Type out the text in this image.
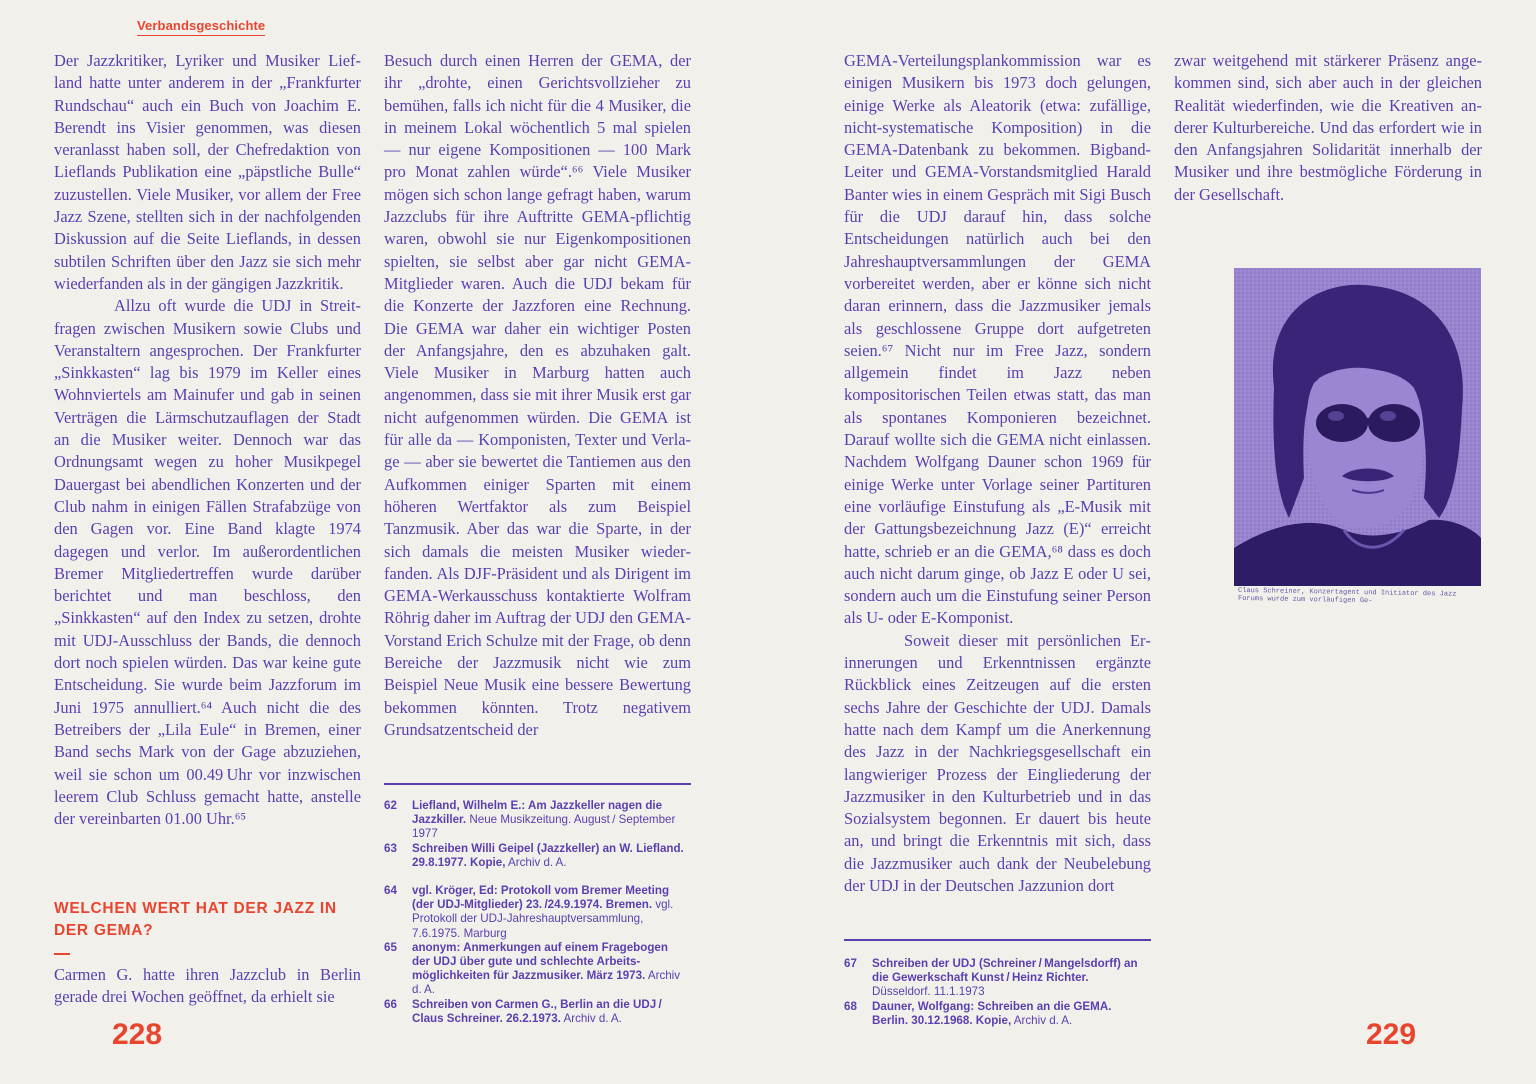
Verbandsgeschichte

Der Jazzkritiker, Lyriker und Musiker Liefland hatte unter anderem in der „Frankfurter Rundschau“ auch ein Buch von Joachim E. Berendt ins Visier genommen, was diesen veranlasst haben soll, der Chefredaktion von Lieflands Publikation eine „päpstliche Bulle“ zuzustellen. Viele Musiker, vor allem der Free Jazz Szene, stellten sich in der nachfolgenden Diskussion auf die Seite Lieflands, in dessen subtilen Schriften über den Jazz sie sich mehr wiederfanden als in der gängigen Jazzkritik.

Allzu oft wurde die UDJ in Streitfragen zwischen Musikern sowie Clubs und Veranstaltern angesprochen. Der Frankfurter „Sinkkasten“ lag bis 1979 im Keller eines Wohnviertels am Mainufer und gab in seinen Verträgen die Lärmschutzauflagen der Stadt an die Musiker weiter. Dennoch war das Ordnungsamt wegen zu hoher Musikpegel Dauergast bei abendlichen Konzerten und der Club nahm in einigen Fällen Strafabzüge von den Gagen vor. Eine Band klagte 1974 dagegen und verlor. Im außerordentlichen Bremer Mitgliedertreffen wurde darüber berichtet und man beschloss, den „Sinkkasten“ auf den Index zu setzen, drohte mit UDJ-Ausschluss der Bands, die dennoch dort noch spielen würden. Das war keine gute Entscheidung. Sie wurde beim Jazzforum im Juni 1975 annulliert.⁶⁴ Auch nicht die des Betreibers der „Lila Eule“ in Bremen, einer Band sechs Mark von der Gage abzuziehen, weil sie schon um 00.49 Uhr vor inzwischen leerem Club Schluss gemacht hatte, anstelle der vereinbarten 01.00 Uhr.⁶⁵

WELCHEN WERT HAT DER JAZZ IN DER GEMA?

Carmen G. hatte ihren Jazzclub in Berlin gerade drei Wochen geöffnet, da erhielt sie

Besuch durch einen Herren der GEMA, der ihr „drohte, einen Gerichtsvollzieher zu bemühen, falls ich nicht für die 4 Musiker, die in meinem Lokal wöchentlich 5 mal spielen — nur eigene Kompositionen — 100 Mark pro Monat zahlen würde“.⁶⁶ Viele Musiker mögen sich schon lange gefragt haben, warum Jazzclubs für ihre Auftritte GEMA-pflichtig waren, obwohl sie nur Eigenkompositionen spielten, sie selbst aber gar nicht GEMA-Mitglieder waren. Auch die UDJ bekam für die Konzerte der Jazzforen eine Rechnung. Die GEMA war daher ein wichtiger Posten der Anfangsjahre, den es abzuhaken galt. Viele Musiker in Marburg hatten auch angenommen, dass sie mit ihrer Musik erst gar nicht aufgenommen würden. Die GEMA ist für alle da — Komponisten, Texter und Verlage — aber sie bewertet die Tantiemen aus den Aufkommen einiger Sparten mit einem höheren Wertfaktor als zum Beispiel Tanzmusik. Aber das war die Sparte, in der sich damals die meisten Musiker wiederfanden. Als DJF-Präsident und als Dirigent im GEMA-Werkausschuss kontaktierte Wolfram Röhrig daher im Auftrag der UDJ den GEMA-Vorstand Erich Schulze mit der Frage, ob denn Bereiche der Jazzmusik nicht wie zum Beispiel Neue Musik eine bessere Bewertung bekommen könnten. Trotz negativem Grundsatzentscheid der

62	Liefland, Wilhelm E.: Am Jazzkeller nagen die Jazzkiller. Neue Musikzeitung. August / September 1977
63	Schreiben Willi Geipel (Jazzkeller) an W. Liefland. 29.8.1977. Kopie, Archiv d. A.
64	vgl. Kröger, Ed: Protokoll vom Bremer Meeting (der UDJ-Mitglieder) 23. /24.9.1974. Bremen. vgl. Protokoll der UDJ-Jahreshauptversammlung, 7.6.1975. Marburg
65	anonym: Anmerkungen auf einem Fragebogen der UDJ über gute und schlechte Arbeitsmöglichkeiten für Jazzmusiker. März 1973. Archiv d. A.
66	Schreiben von Carmen G., Berlin an die UDJ / Claus Schreiner. 26.2.1973. Archiv d. A.

GEMA-Verteilungsplankommission war es einigen Musikern bis 1973 doch gelungen, einige Werke als Aleatorik (etwa: zufällige, nicht-systematische Komposition) in die GEMA-Datenbank zu bekommen. Bigband-Leiter und GEMA-Vorstandsmitglied Harald Banter wies in einem Gespräch mit Sigi Busch für die UDJ darauf hin, dass solche Entscheidungen natürlich auch bei den Jahreshauptversammlungen der GEMA vorbereitet werden, aber er könne sich nicht daran erinnern, dass die Jazzmusiker jemals als geschlossene Gruppe dort aufgetreten seien.⁶⁷ Nicht nur im Free Jazz, sondern allgemein findet im Jazz neben kompositorischen Teilen etwas statt, das man als spontanes Komponieren bezeichnet. Darauf wollte sich die GEMA nicht einlassen. Nachdem Wolfgang Dauner schon 1969 für einige Werke unter Vorlage seiner Partituren eine vorläufige Einstufung als „E-Musik mit der Gattungsbezeichnung Jazz (E)“ erreicht hatte, schrieb er an die GEMA,⁶⁸ dass es doch auch nicht darum ginge, ob Jazz E oder U sei, sondern auch um die Einstufung seiner Person als U- oder E-Komponist.

Soweit dieser mit persönlichen Erinnerungen und Erkenntnissen ergänzte Rückblick eines Zeitzeugen auf die ersten sechs Jahre der Geschichte der UDJ. Damals hatte nach dem Kampf um die Anerkennung des Jazz in der Nachkriegsgesellschaft ein langwieriger Prozess der Eingliederung der Jazzmusiker in den Kulturbetrieb und in das Sozialsystem begonnen. Er dauert bis heute an, und bringt die Erkenntnis mit sich, dass die Jazzmusiker auch dank der Neubelebung der UDJ in der Deutschen Jazzunion dort

67	Schreiben der UDJ (Schreiner / Mangelsdorff) an die Gewerkschaft Kunst / Heinz Richter. Düsseldorf. 11.1.1973
68	Dauner, Wolfgang: Schreiben an die GEMA. Berlin. 30.12.1968. Kopie, Archiv d. A.

zwar weitgehend mit stärkerer Präsenz angekommen sind, sich aber auch in der gleichen Realität wiederfinden, wie die Kreativen anderer Kulturbereiche. Und das erfordert wie in den Anfangsjahren Solidarität innerhalb der Musiker und ihre bestmögliche Förderung in der Gesellschaft.

Claus Schreiner, Konzertagent und Initiator des Jazz Forums wurde zum vorläufigen Ge-
228	229
